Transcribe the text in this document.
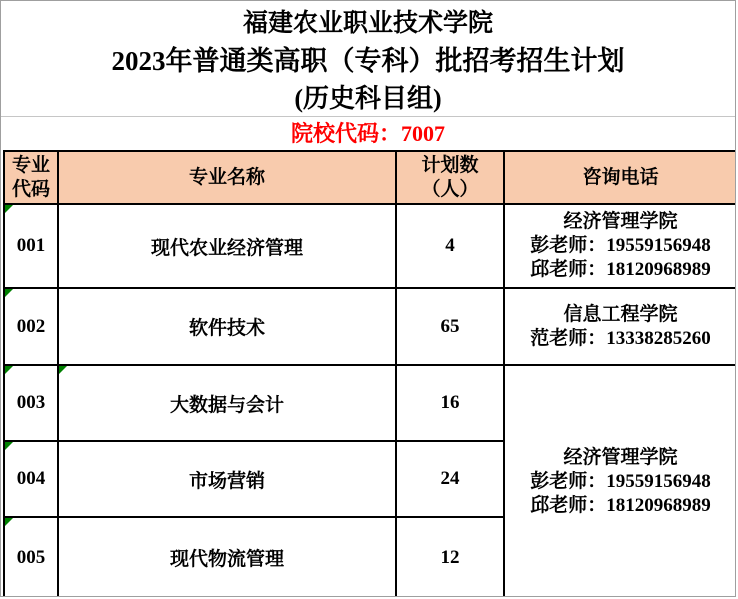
福建农业职业技术学院
2023年普通类高职（专科）批招考招生计划
(历史科目组)
院校代码：7007
专业
代码
	专业名称	
计划数
（人）
	咨询电话

001	现代农业经济管理	4	经济管理学院
彭老师：19559156948
邱老师：18120968989

002	软件技术	65	信息工程学院
范老师：13338285260

003	大数据与会计	16	经济管理学院
彭老师：19559156948
邱老师：18120968989

004	市场营销	24	

005	现代物流管理	12	
